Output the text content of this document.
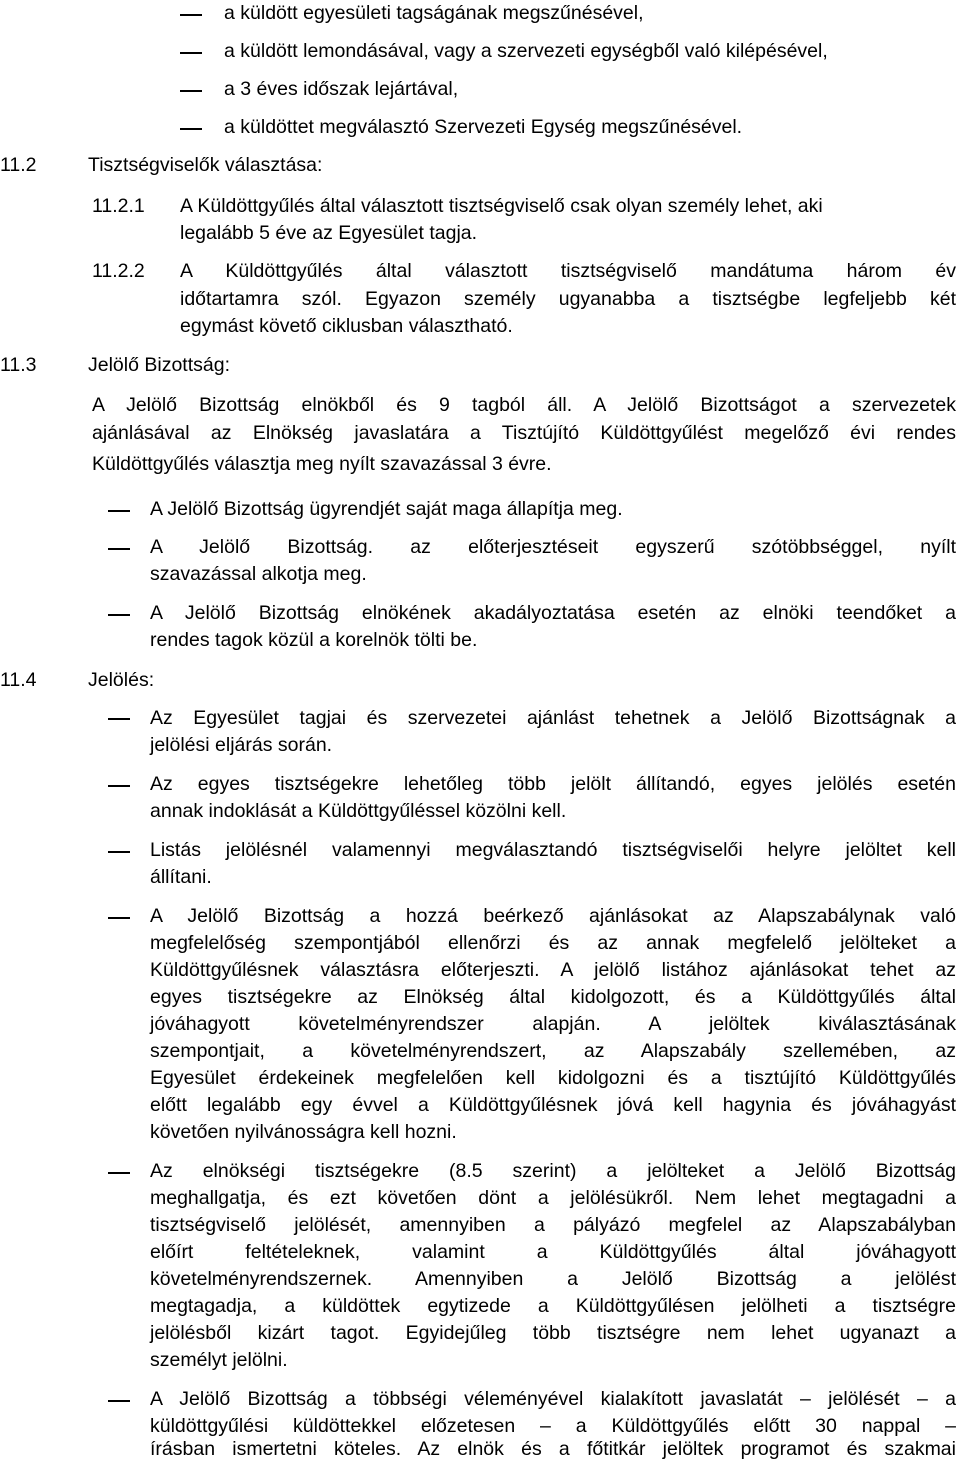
a küldött egyesületi tagságának megszűnésével,
a küldött lemondásával, vagy a szervezeti egységből való kilépésével,
a 3 éves időszak lejártával,
a küldöttet megválasztó Szervezeti Egység megszűnésével.
11.2	Tisztségviselők választása:
11.2.1 A Küldöttgyűlés által választott tisztségviselő csak olyan személy lehet, aki
legalább 5 éve az Egyesület tagja.
11.2.2 A Küldöttgyűlés által választott tisztségviselő mandátuma három év
időtartamra szól. Egyazon személy ugyanabba a tisztségbe legfeljebb két
egymást követő ciklusban választható.
11.3	Jelölő Bizottság:
A Jelölő Bizottság elnökből és 9 tagból áll. A Jelölő Bizottságot a szervezetek
ajánlásával az Elnökség javaslatára a Tisztújító Küldöttgyűlést megelőző évi rendes
Küldöttgyűlés választja meg nyílt szavazással 3 évre.
A Jelölő Bizottság ügyrendjét saját maga állapítja meg.
A Jelölő Bizottság. az előterjesztéseit egyszerű szótöbbséggel, nyílt
szavazással alkotja meg.
A Jelölő Bizottság elnökének akadályoztatása esetén az elnöki teendőket a
rendes tagok közül a korelnök tölti be.
11.4	Jelölés:
Az Egyesület tagjai és szervezetei ajánlást tehetnek a Jelölő Bizottságnak a
jelölési eljárás során.
Az egyes tisztségekre lehetőleg több jelölt állítandó, egyes jelölés esetén
annak indoklását a Küldöttgyűléssel közölni kell.
Listás jelölésnél valamennyi megválasztandó tisztségviselői helyre jelöltet kell
állítani.
A Jelölő Bizottság a hozzá beérkező ajánlásokat az Alapszabálynak való
megfelelőség szempontjából ellenőrzi és az annak megfelelő jelölteket a
Küldöttgyűlésnek választásra előterjeszti. A jelölő listához ajánlásokat tehet az
egyes tisztségekre az Elnökség által kidolgozott, és a Küldöttgyűlés által
jóváhagyott követelményrendszer alapján. A jelöltek kiválasztásának
szempontjait, a követelményrendszert, az Alapszabály szellemében, az
Egyesület érdekeinek megfelelően kell kidolgozni és a tisztújító Küldöttgyűlés
előtt legalább egy évvel a Küldöttgyűlésnek jóvá kell hagynia és jóváhagyást
követően nyilvánosságra kell hozni.
Az elnökségi tisztségekre (8.5 szerint) a jelölteket a Jelölő Bizottság
meghallgatja, és ezt követően dönt a jelölésükről. Nem lehet megtagadni a
tisztségviselő jelölését, amennyiben a pályázó megfelel az Alapszabályban
előírt feltételeknek, valamint a Küldöttgyűlés által jóváhagyott
követelményrendszernek. Amennyiben a Jelölő Bizottság a jelölést
megtagadja, a küldöttek egytizede a Küldöttgyűlésen jelölheti a tisztségre
jelölésből kizárt tagot. Egyidejűleg több tisztségre nem lehet ugyanazt a
személyt jelölni.
A Jelölő Bizottság a többségi véleményével kialakított javaslatát – jelölését – a
küldöttgyűlési küldöttekkel előzetesen – a Küldöttgyűlés előtt 30 nappal –
írásban ismertetni köteles. Az elnök és a főtitkár jelöltek programot és szakmai
